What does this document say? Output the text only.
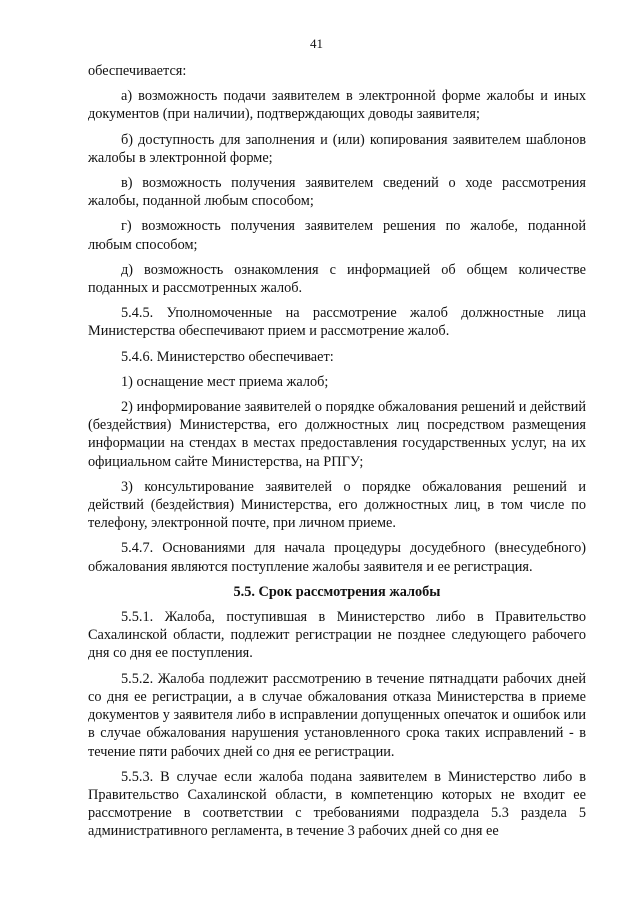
41

обеспечивается:

а) возможность подачи заявителем в электронной форме жалобы и иных документов (при наличии), подтверждающих доводы заявителя;

б) доступность для заполнения и (или) копирования заявителем шаблонов жалобы в электронной форме;

в) возможность получения заявителем сведений о ходе рассмотрения жалобы, поданной любым способом;

г) возможность получения заявителем решения по жалобе, поданной любым способом;

д) возможность ознакомления с информацией об общем количестве поданных и рассмотренных жалоб.

5.4.5. Уполномоченные на рассмотрение жалоб должностные лица Министерства обеспечивают прием и рассмотрение жалоб.

5.4.6. Министерство обеспечивает:

1) оснащение мест приема жалоб;

2) информирование заявителей о порядке обжалования решений и действий (бездействия) Министерства, его должностных лиц посредством размещения информации на стендах в местах предоставления государственных услуг, на их официальном сайте Министерства, на РПГУ;

3) консультирование заявителей о порядке обжалования решений и действий (бездействия) Министерства, его должностных лиц, в том числе по телефону, электронной почте, при личном приеме.

5.4.7. Основаниями для начала процедуры досудебного (внесудебного) обжалования являются поступление жалобы заявителя и ее регистрация.

5.5. Срок рассмотрения жалобы

5.5.1. Жалоба, поступившая в Министерство либо в Правительство Сахалинской области, подлежит регистрации не позднее следующего рабочего дня со дня ее поступления.

5.5.2. Жалоба подлежит рассмотрению в течение пятнадцати рабочих дней со дня ее регистрации, а в случае обжалования отказа Министерства в приеме документов у заявителя либо в исправлении допущенных опечаток и ошибок или в случае обжалования нарушения установленного срока таких исправлений - в течение пяти рабочих дней со дня ее регистрации.

5.5.3. В случае если жалоба подана заявителем в Министерство либо в Правительство Сахалинской области, в компетенцию которых не входит ее рассмотрение в соответствии с требованиями подраздела 5.3 раздела 5 административного регламента, в течение 3 рабочих дней со дня ее
